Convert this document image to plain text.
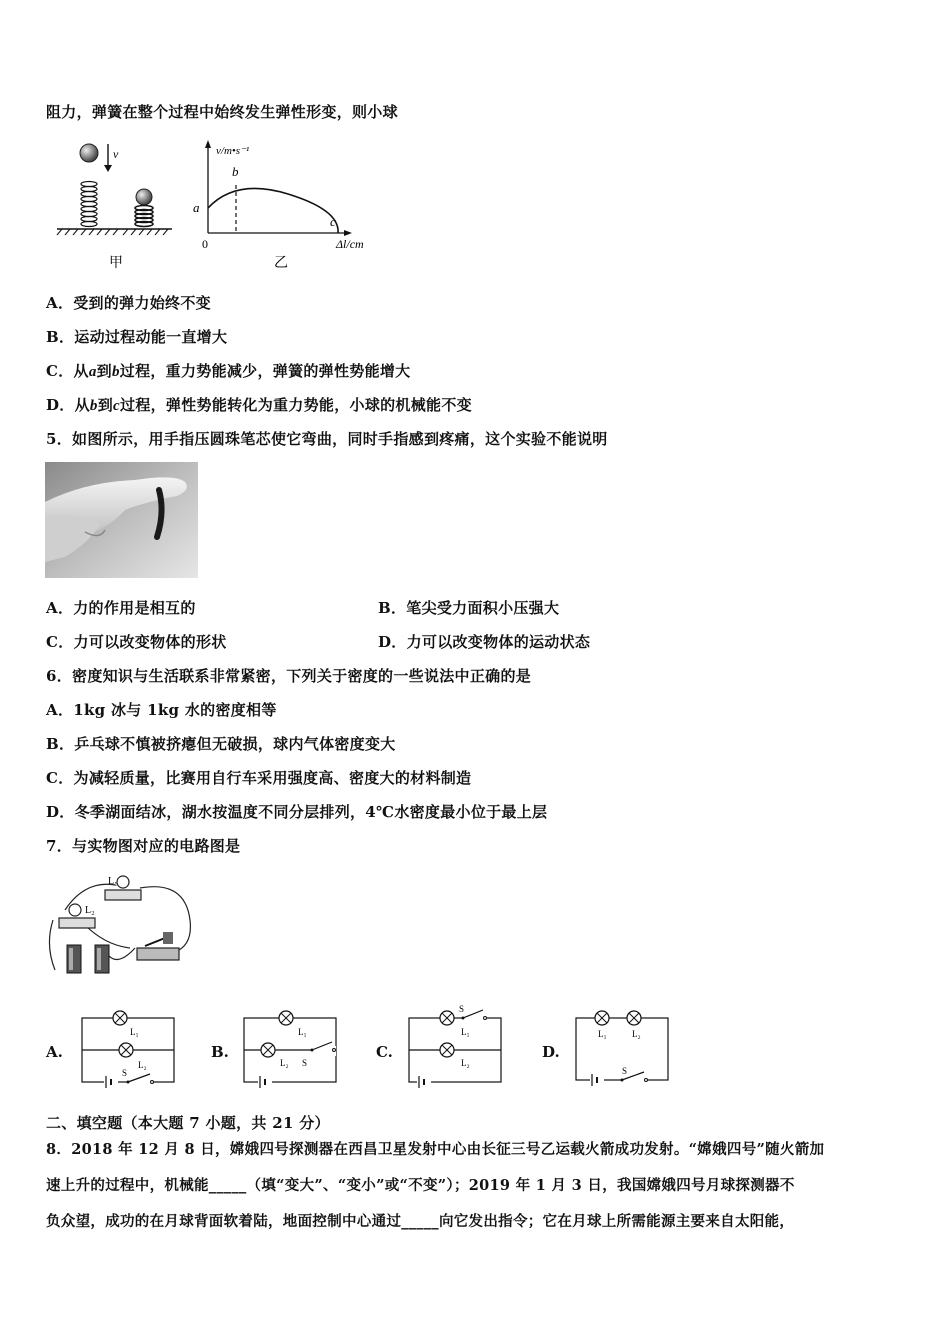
阻力，弹簧在整个过程中始终发生弹性形变，则小球
v
甲
v/m•s⁻¹
b
a
c
0	Δl/cm
乙
A．受到的弹力始终不变
B．运动过程动能一直增大
C．从a到b过程，重力势能减少，弹簧的弹性势能增大
D．从b到c过程，弹性势能转化为重力势能，小球的机械能不变
5．如图所示，用手指压圆珠笔芯使它弯曲，同时手指感到疼痛，这个实验不能说明
A．力的作用是相互的	B．笔尖受力面积小压强大
C．力可以改变物体的形状	D．力可以改变物体的运动状态
6．密度知识与生活联系非常紧密，下列关于密度的一些说法中正确的是
A．1kg 冰与 1kg 水的密度相等
B．乒乓球不慎被挤瘪但无破损，球内气体密度变大
C．为减轻质量，比赛用自行车采用强度高、密度大的材料制造
D．冬季湖面结冰，湖水按温度不同分层排列，4℃水密度最小位于最上层
7．与实物图对应的电路图是
L₁
L₂
A.
L₁
L₂
S
B.
L₁
L₂ S
C.
S
L₁
L₂
D.
L₁	L₂
S
二、填空题（本大题 7 小题，共 21 分）
8．2018 年 12 月 8 日，嫦娥四号探测器在西昌卫星发射中心由长征三号乙运载火箭成功发射。“嫦娥四号”随火箭加
速上升的过程中，机械能_____（填“变大”、“变小”或“不变”）；2019 年 1 月 3 日，我国嫦娥四号月球探测器不
负众望，成功的在月球背面软着陆，地面控制中心通过_____向它发出指令；它在月球上所需能源主要来自太阳能，
